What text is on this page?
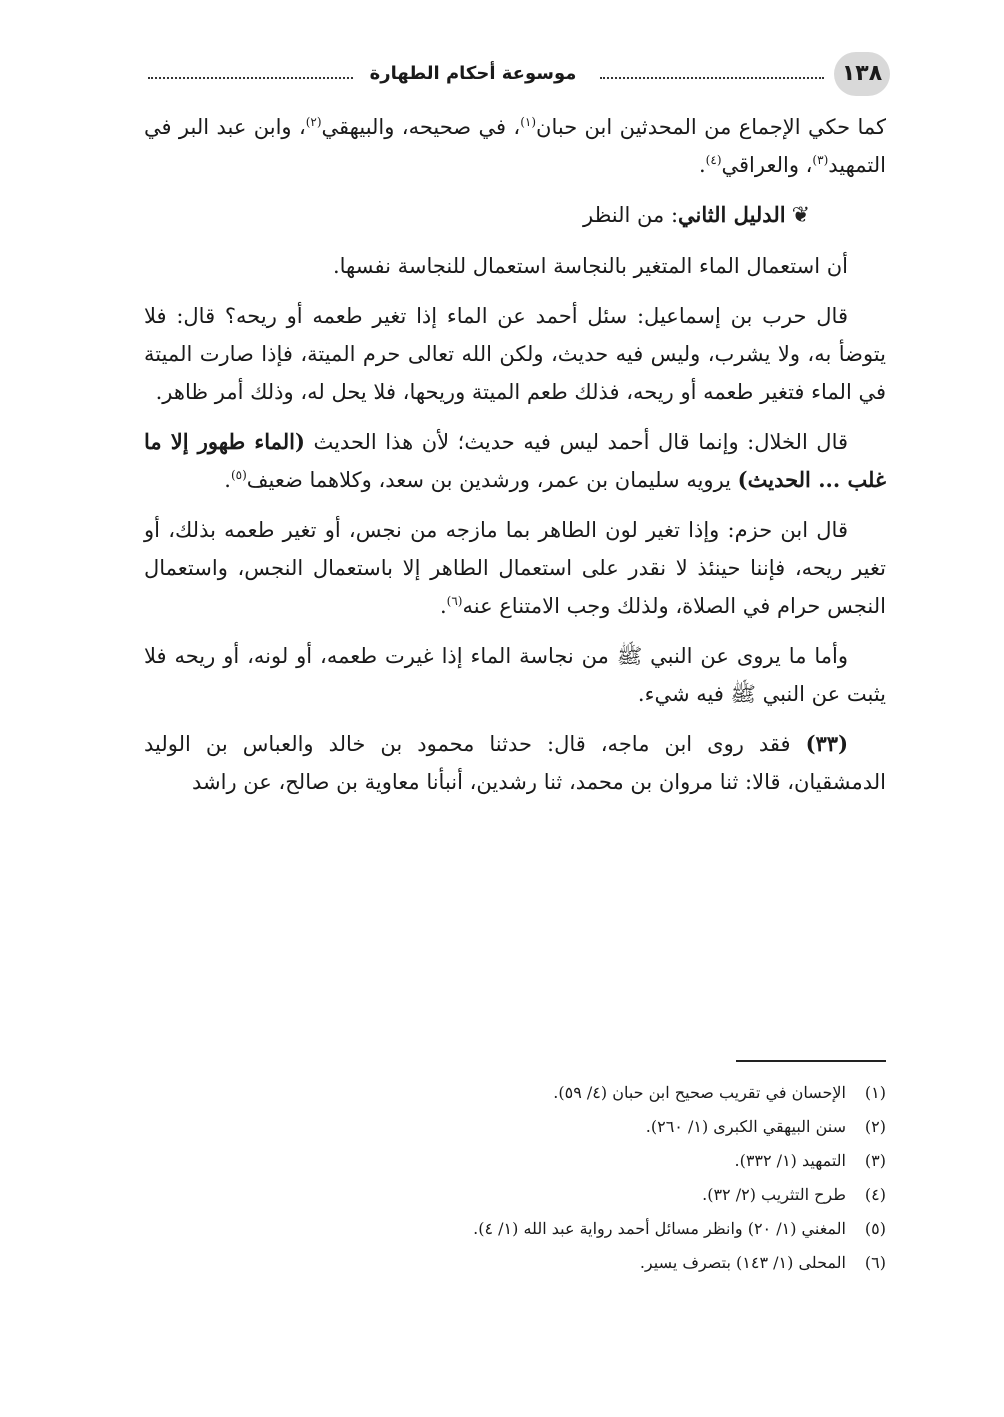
١٣٨
موسوعة أحكام الطهارة

كما حكي الإجماع من المحدثين ابن حبان$^{(١)}$، في صحيحه، والبيهقي$^{(٢)}$، وابن عبد البر في التمهيد$^{(٣)}$، والعراقي$^{(٤)}$.

❦الدليل الثاني: من النظر

أن استعمال الماء المتغير بالنجاسة استعمال للنجاسة نفسها.

قال حرب بن إسماعيل: سئل أحمد عن الماء إذا تغير طعمه أو ريحه؟ قال: فلا يتوضأ به، ولا يشرب، وليس فيه حديث، ولكن الله تعالى حرم الميتة، فإذا صارت الميتة في الماء فتغير طعمه أو ريحه، فذلك طعم الميتة وريحها، فلا يحل له، وذلك أمر ظاهر.

قال الخلال: وإنما قال أحمد ليس فيه حديث؛ لأن هذا الحديث (الماء طهور إلا ما غلب ... الحديث) يرويه سليمان بن عمر، ورشدين بن سعد، وكلاهما ضعيف$^{(٥)}$.

قال ابن حزم: وإذا تغير لون الطاهر بما مازجه من نجس، أو تغير طعمه بذلك، أو تغير ريحه، فإننا حينئذ لا نقدر على استعمال الطاهر إلا باستعمال النجس، واستعمال النجس حرام في الصلاة، ولذلك وجب الامتناع عنه$^{(٦)}$.

وأما ما يروى عن النبي ﷺ من نجاسة الماء إذا غيرت طعمه، أو لونه، أو ريحه فلا يثبت عن النبي ﷺ فيه شيء.

(٣٣) فقد روى ابن ماجه، قال: حدثنا محمود بن خالد والعباس بن الوليد الدمشقيان، قالا: ثنا مروان بن محمد، ثنا رشدين، أنبأنا معاوية بن صالح، عن راشد

(١)الإحسان في تقريب صحيح ابن حبان (٤/ ٥٩).

(٢)سنن البيهقي الكبرى (١/ ٢٦٠).

(٣)التمهيد (١/ ٣٣٢).

(٤)طرح التثريب (٢/ ٣٢).

(٥)المغني (١/ ٢٠) وانظر مسائل أحمد رواية عبد الله (١/ ٤).

(٦)المحلى (١/ ١٤٣) بتصرف يسير.
